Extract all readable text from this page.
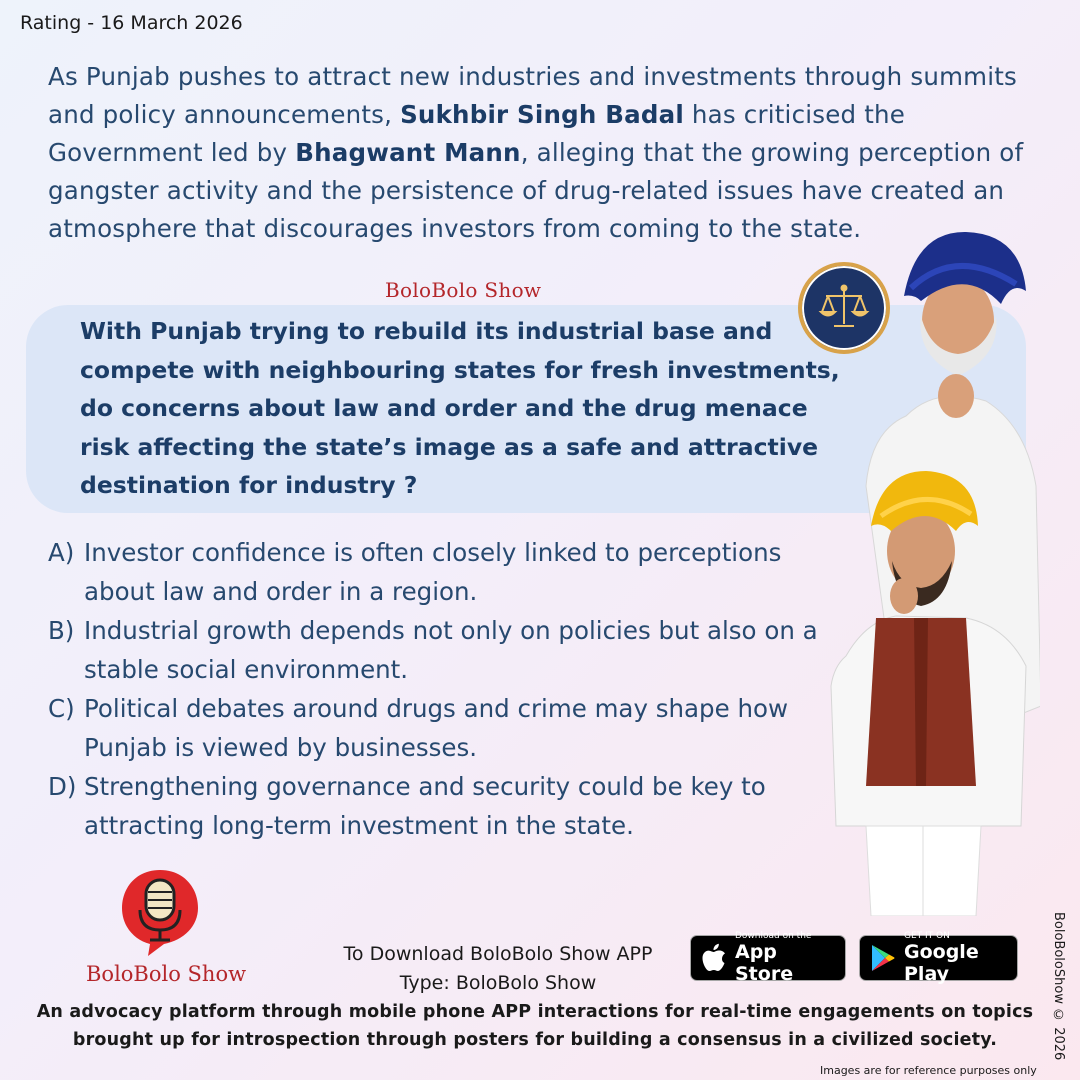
Rating - 16 March 2026
As Punjab pushes to attract new industries and investments through summits and policy announcements, Sukhbir Singh Badal has criticised the Government led by Bhagwant Mann, alleging that the growing perception of gangster activity and the persistence of drug-related issues have created an atmosphere that discourages investors from coming to the state.
BoloBolo Show
With Punjab trying to rebuild its industrial base and compete with neighbouring states for fresh investments, do concerns about law and order and the drug menace risk affecting the state’s image as a safe and attractive destination for industry ?
A) Investor confidence is often closely linked to perceptions about law and order in a region.
B) Industrial growth depends not only on policies but also on a stable social environment.
C) Political debates around drugs and crime may shape how Punjab is viewed by businesses.
D) Strengthening governance and security could be key to attracting long-term investment in the state.
BoloBolo Show
To Download BoloBolo Show APP
Type: BoloBolo Show
Download on the
App Store
GET IT ON
Google Play
An advocacy platform through mobile phone APP interactions for real-time engagements on topics
brought up for introspection through posters for building a consensus in a civilized society.	BoloBoloShow © 2026
Images are for reference purposes only
